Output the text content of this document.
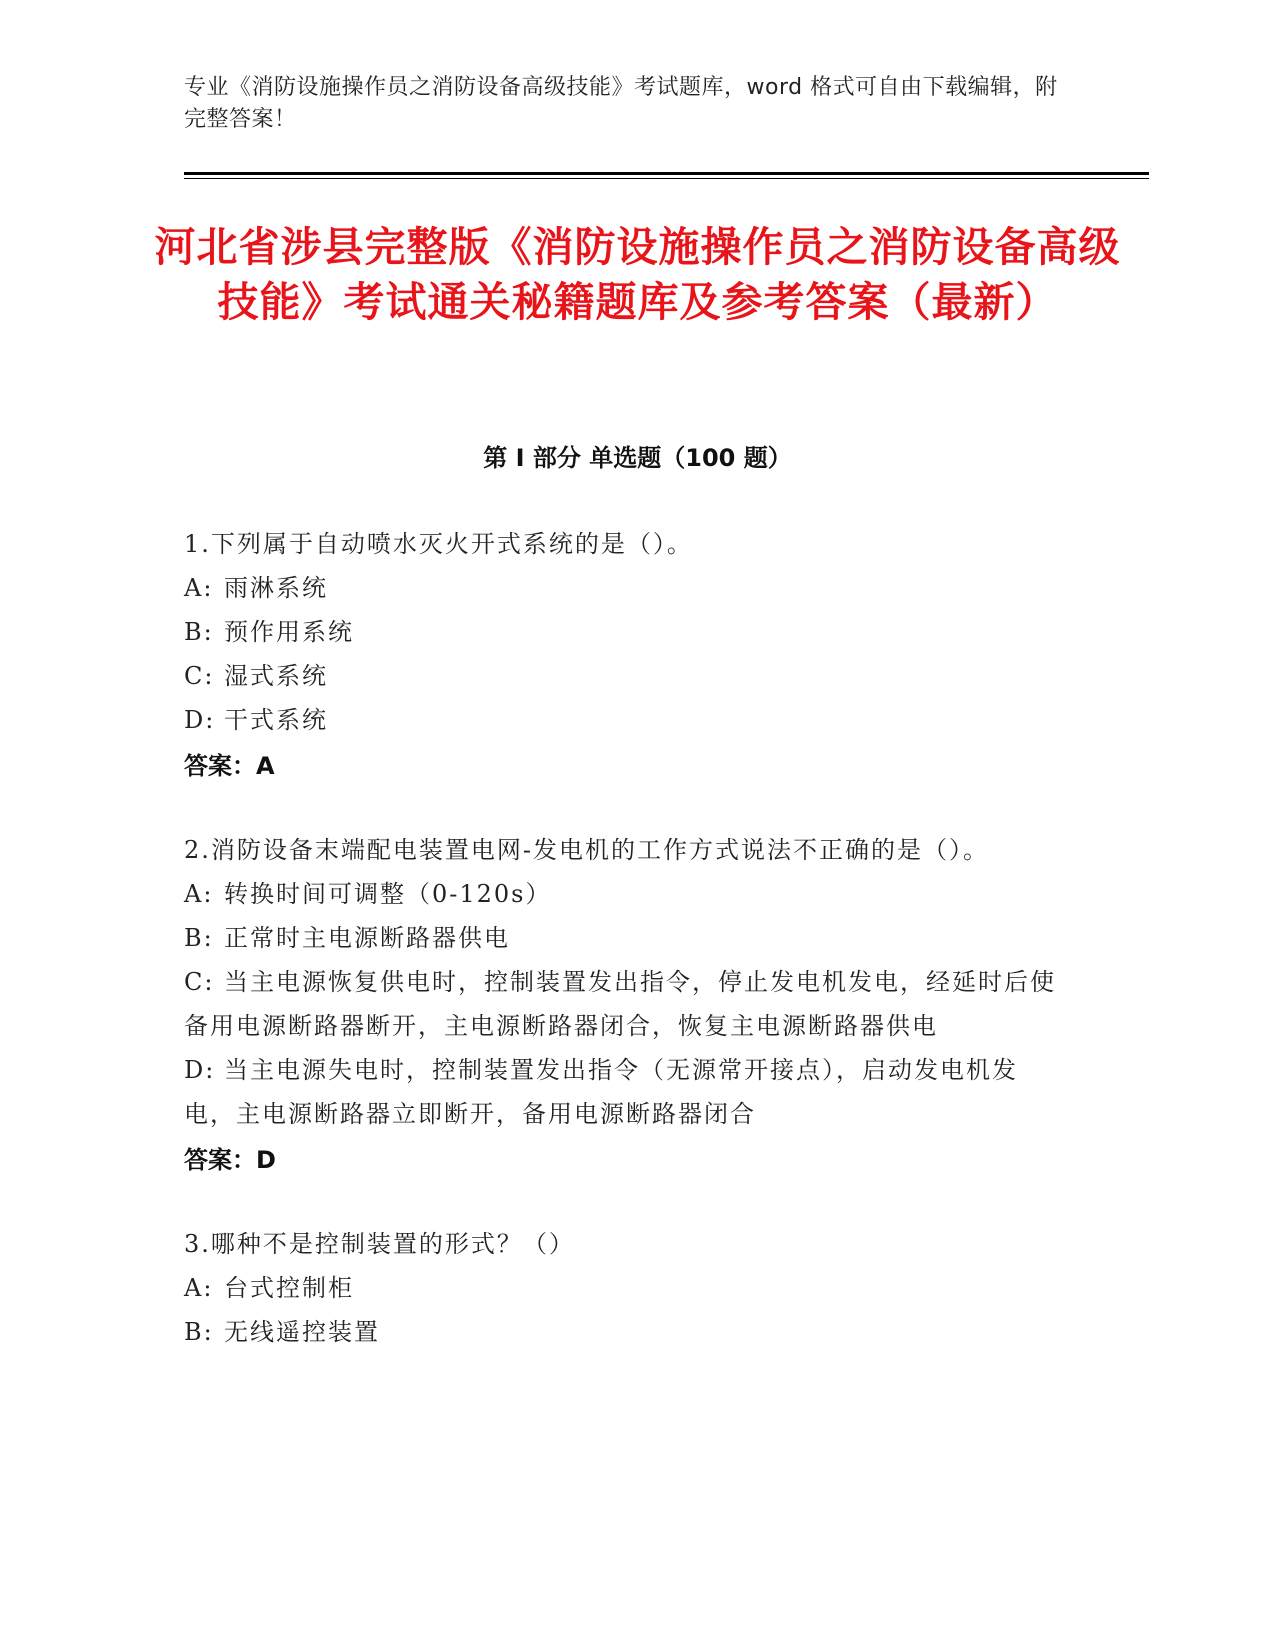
专业《消防设施操作员之消防设备高级技能》考试题库，word 格式可自由下载编辑，附完整答案！
河北省涉县完整版《消防设施操作员之消防设备高级技能》考试通关秘籍题库及参考答案（最新）
第 I 部分 单选题（100 题）

1.下列属于自动喷水灭火开式系统的是（）。

A: 雨淋系统

B: 预作用系统

C: 湿式系统

D: 干式系统

答案：A

2.消防设备末端配电装置电网-发电机的工作方式说法不正确的是（）。

A: 转换时间可调整（0-120s）

B: 正常时主电源断路器供电

C: 当主电源恢复供电时，控制装置发出指令，停止发电机发电，经延时后使备用电源断路器断开，主电源断路器闭合，恢复主电源断路器供电

D: 当主电源失电时，控制装置发出指令（无源常开接点），启动发电机发电，主电源断路器立即断开，备用电源断路器闭合

答案：D

3.哪种不是控制装置的形式？（）

A: 台式控制柜

B: 无线遥控装置
